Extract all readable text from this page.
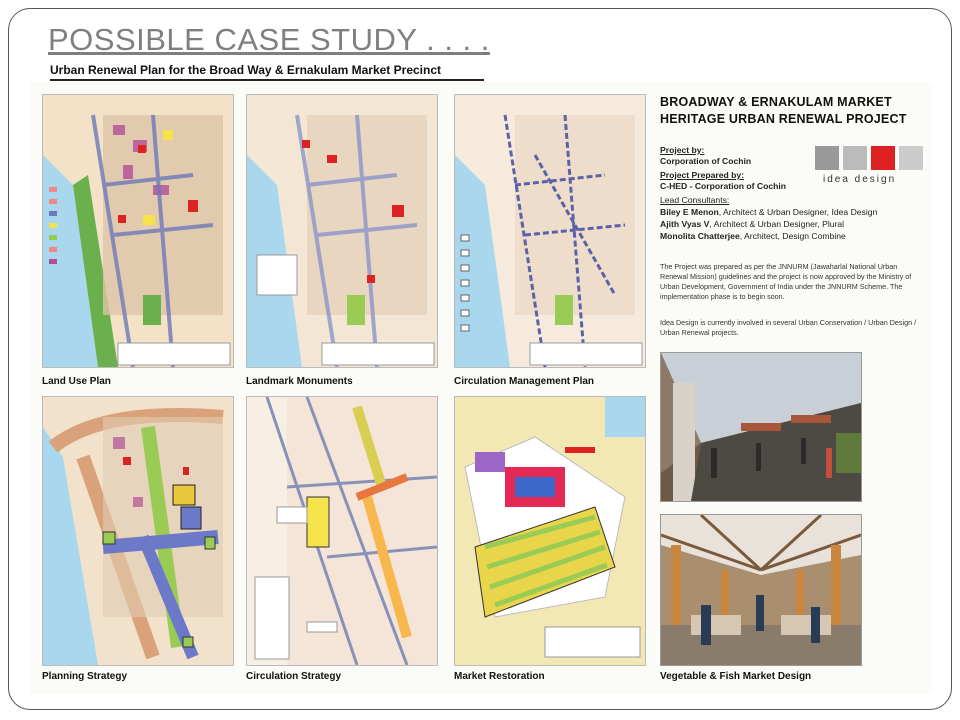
POSSIBLE CASE STUDY . . . .
Urban Renewal Plan for the Broad Way & Ernakulam Market Precinct
Land Use Plan	Landmark Monuments	Circulation Management Plan
Planning Strategy	Circulation Strategy	Market Restoration
BROADWAY & ERNAKULAM MARKET
HERITAGE URBAN RENEWAL PROJECT
Project by:
Corporation of Cochin
Project Prepared by:
C-HED - Corporation of Cochin
Lead Consultants:
Biley E Menon, Architect & Urban Designer, Idea Design
Ajith Vyas V, Architect & Urban Designer, Plural
Monolita Chatterjee, Architect, Design Combine
idea design
The Project was prepared as per the JNNURM (Jawaharlal National Urban Renewal Mission) guidelines and the project is now approved by the Ministry of Urban Development, Government of India under the JNNURM Scheme. The implementation phase is to begin soon.
Idea Design is currently involved in several Urban Conservation / Urban Design / Urban Renewal projects.
Vegetable & Fish Market Design
